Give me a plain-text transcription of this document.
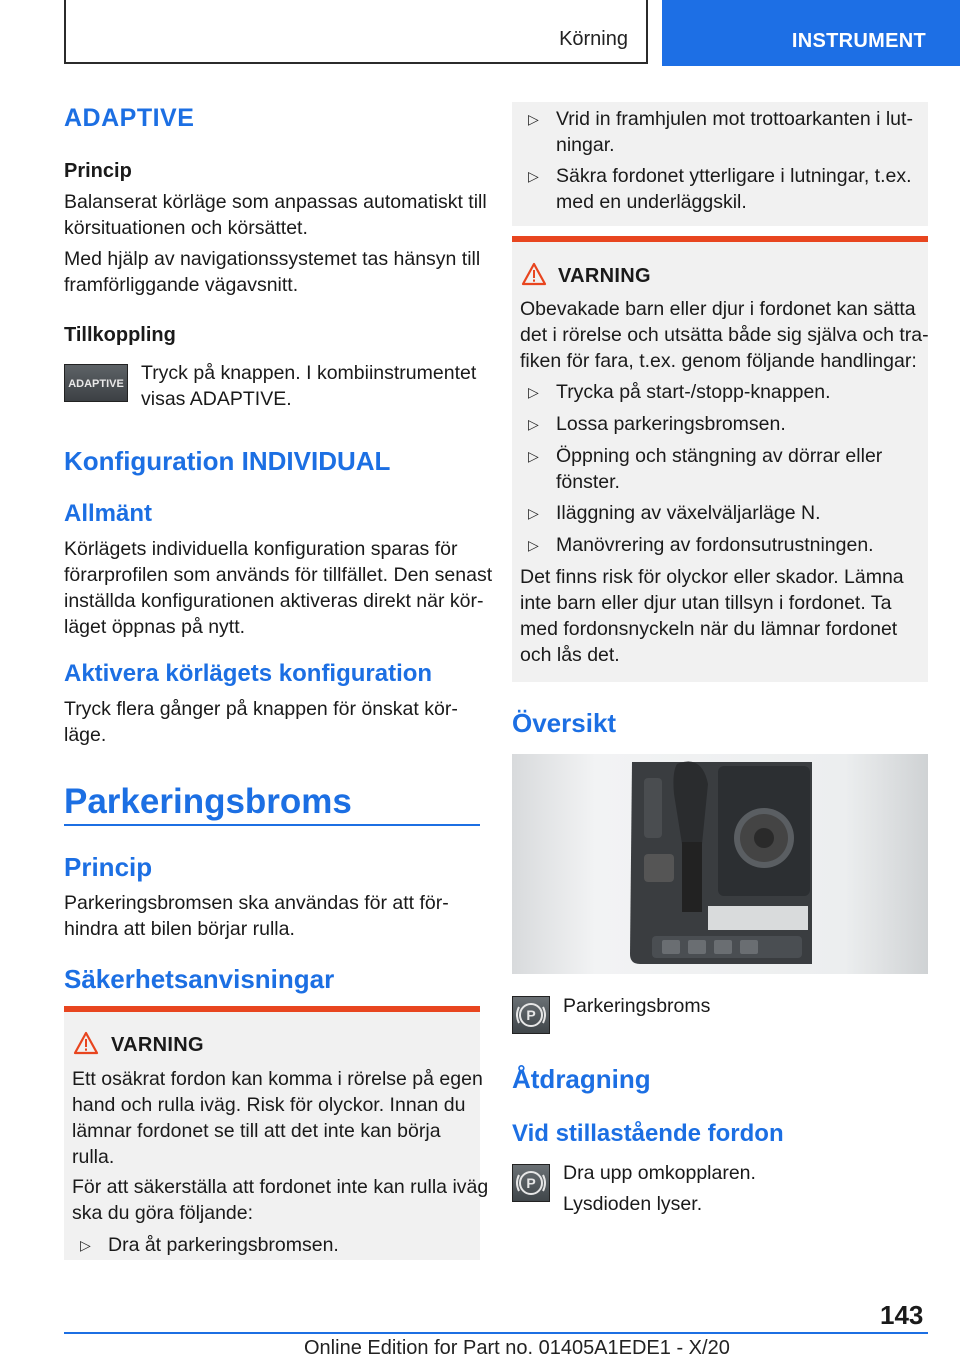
Körning	INSTRUMENT
ADAPTIVE
Princip
Balanserat körläge som anpassas automatiskt till
körsituationen och körsättet.
Med hjälp av navigationssystemet tas hänsyn till
framförliggande vägavsnitt.
Tillkoppling
ADAPTIVE Tryck på knappen. I kombiinstrumentet
visas ADAPTIVE.
Konfiguration INDIVIDUAL
Allmänt
Körlägets individuella konfiguration sparas för
förarprofilen som används för tillfället. Den senast
inställda konfigurationen aktiveras direkt när kör-
läget öppnas på nytt.
Aktivera körlägets konfiguration
Tryck flera gånger på knappen för önskat kör-
läge.
Parkeringsbroms
Princip
Parkeringsbromsen ska användas för att för-
hindra att bilen börjar rulla.
Säkerhetsanvisningar
VARNING
Ett osäkrat fordon kan komma i rörelse på egen
hand och rulla iväg. Risk för olyckor. Innan du
lämnar fordonet se till att det inte kan börja
rulla.
För att säkerställa att fordonet inte kan rulla iväg
ska du göra följande:
▷ Dra åt parkeringsbromsen.
▷ Vrid in framhjulen mot trottoarkanten i lut-
ningar.
▷ Säkra fordonet ytterligare i lutningar, t.ex.
med en underläggskil.
VARNING
Obevakade barn eller djur i fordonet kan sätta
det i rörelse och utsätta både sig själva och tra-
fiken för fara, t.ex. genom följande handlingar:
▷ Trycka på start-/stopp-knappen.
▷ Lossa parkeringsbromsen.
▷ Öppning och stängning av dörrar eller
fönster.
▷ Iläggning av växelväljarläge N.
▷ Manövrering av fordonsutrustningen.
Det finns risk för olyckor eller skador. Lämna
inte barn eller djur utan tillsyn i fordonet. Ta
med fordonsnyckeln när du lämnar fordonet
och lås det.
Översikt
P Parkeringsbroms
Åtdragning
Vid stillastående fordon
P Dra upp omkopplaren.
Lysdioden lyser.
143
Online Edition for Part no. 01405A1EDE1 - X/20
